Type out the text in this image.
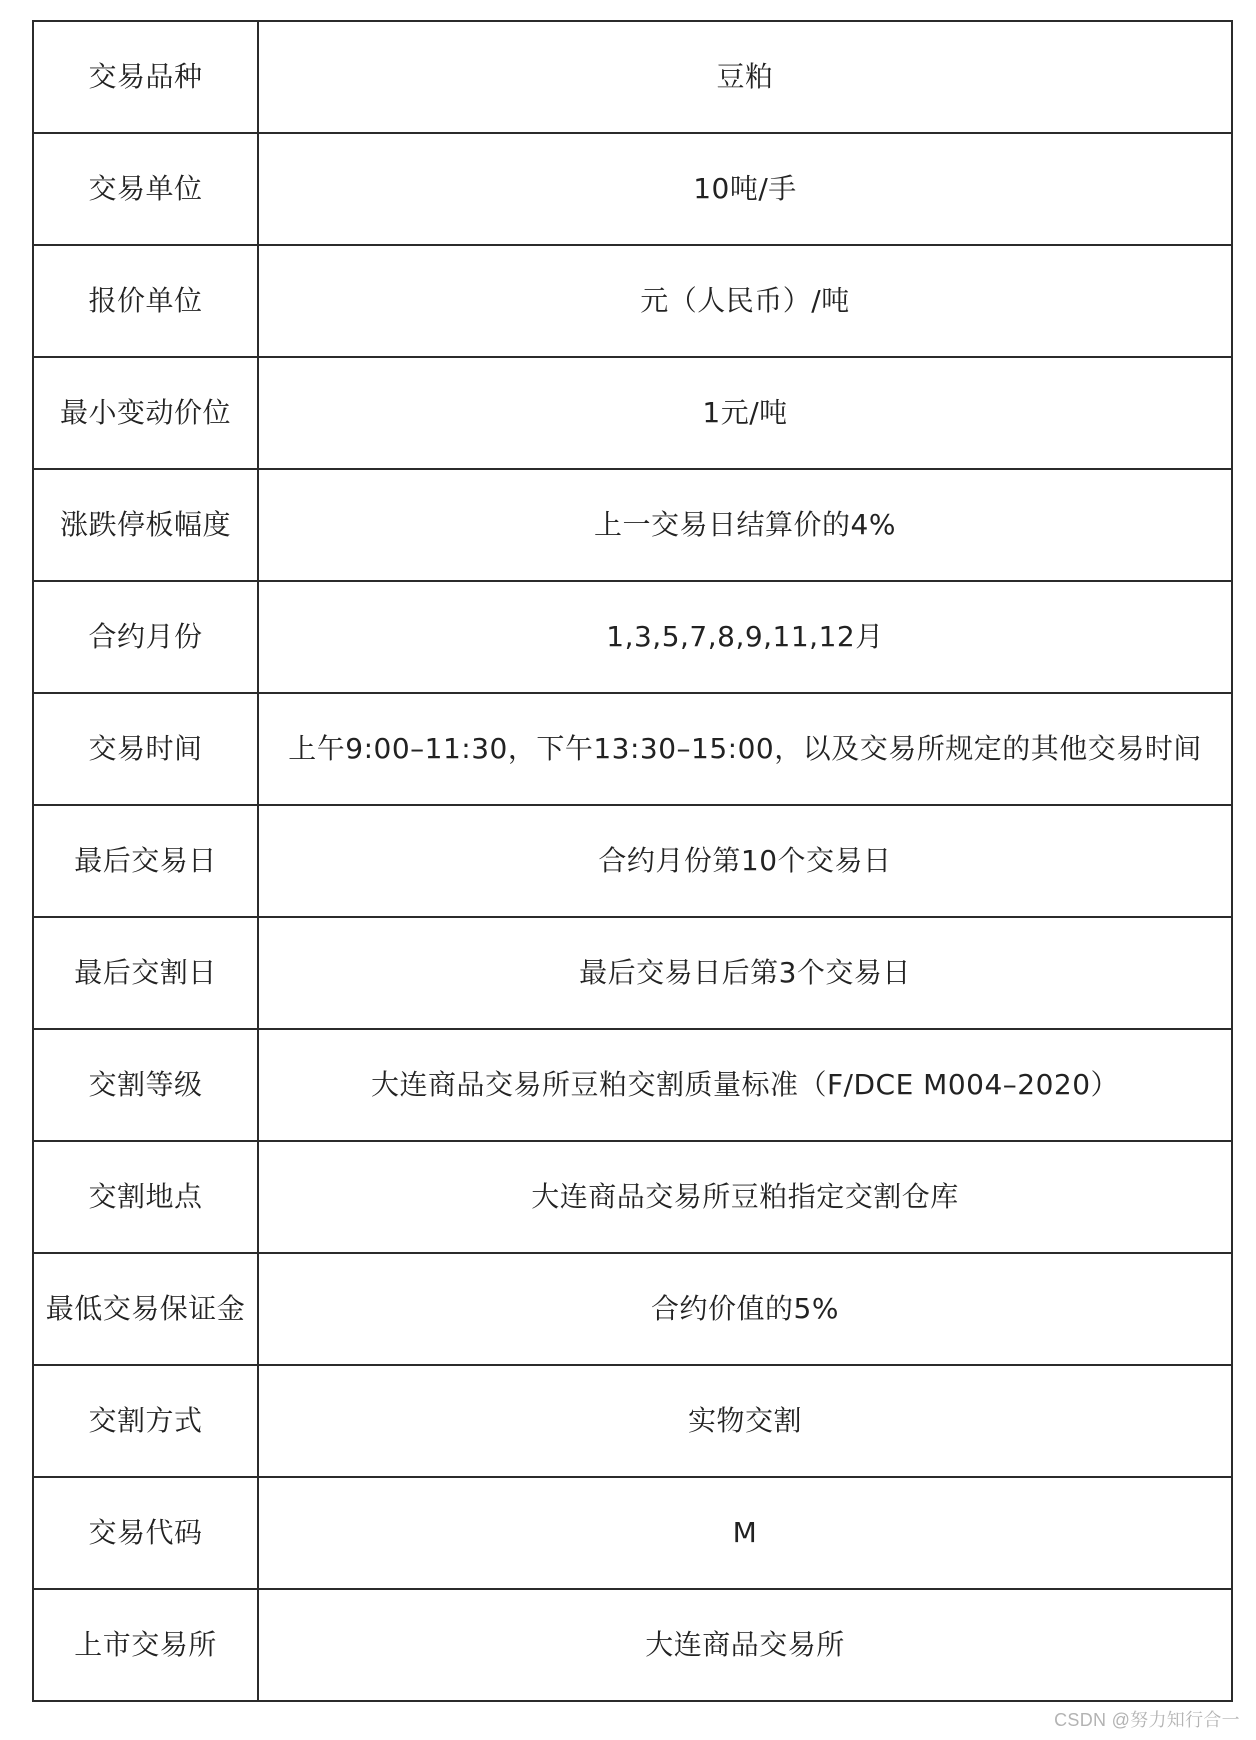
交易品种	豆粕
交易单位	10吨/手
报价单位	元（人民币）/吨
最小变动价位	1元/吨
涨跌停板幅度	上一交易日结算价的4%
合约月份	1,3,5,7,8,9,11,12月
交易时间	上午9:00–11:30，下午13:30–15:00，以及交易所规定的其他交易时间
最后交易日	合约月份第10个交易日
最后交割日	最后交易日后第3个交易日
交割等级	大连商品交易所豆粕交割质量标准（F/DCE M004–2020）
交割地点	大连商品交易所豆粕指定交割仓库
最低交易保证金	合约价值的5%
交割方式	实物交割
交易代码	M
上市交易所	大连商品交易所
CSDN @努力知行合一
